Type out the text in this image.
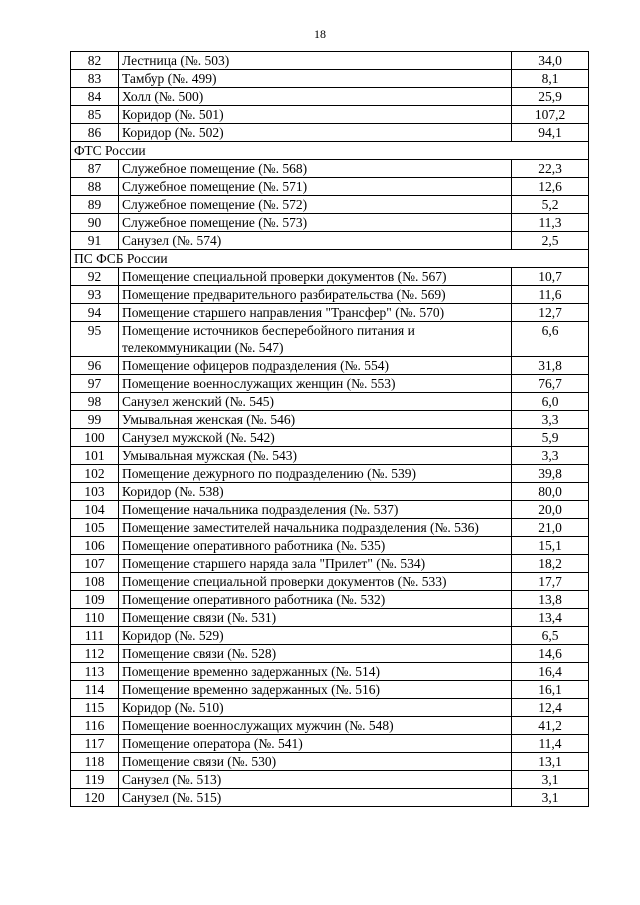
18
82	Лестница (№. 503)	34,0
83	Тамбур (№. 499)	8,1
84	Холл (№. 500)	25,9
85	Коридор (№. 501)	107,2
86	Коридор (№. 502)	94,1
ФТС России		
87	Служебное помещение (№. 568)	22,3
88	Служебное помещение (№. 571)	12,6
89	Служебное помещение (№. 572)	5,2
90	Служебное помещение (№. 573)	11,3
91	Санузел (№. 574)	2,5
ПС ФСБ России		
92	Помещение специальной проверки документов (№. 567)	10,7
93	Помещение предварительного разбирательства (№. 569)	11,6
94	Помещение старшего направления "Трансфер" (№. 570)	12,7
95	Помещение источников бесперебойного питания и телекоммуникации (№. 547)	6,6
96	Помещение офицеров подразделения (№. 554)	31,8
97	Помещение военнослужащих женщин (№. 553)	76,7
98	Санузел женский (№. 545)	6,0
99	Умывальная женская (№. 546)	3,3
100	Санузел мужской (№. 542)	5,9
101	Умывальная мужская (№. 543)	3,3
102	Помещение дежурного по подразделению (№. 539)	39,8
103	Коридор (№. 538)	80,0
104	Помещение начальника подразделения (№. 537)	20,0
105	Помещение заместителей начальника подразделения (№. 536)	21,0
106	Помещение оперативного работника (№. 535)	15,1
107	Помещение старшего наряда зала "Прилет" (№. 534)	18,2
108	Помещение специальной проверки документов (№. 533)	17,7
109	Помещение оперативного работника (№. 532)	13,8
110	Помещение связи (№. 531)	13,4
111	Коридор (№. 529)	6,5
112	Помещение связи (№. 528)	14,6
113	Помещение временно задержанных (№. 514)	16,4
114	Помещение временно задержанных (№. 516)	16,1
115	Коридор (№. 510)	12,4
116	Помещение военнослужащих мужчин (№. 548)	41,2
117	Помещение оператора (№. 541)	11,4
118	Помещение связи (№. 530)	13,1
119	Санузел (№. 513)	3,1
120	Санузел (№. 515)	3,1
